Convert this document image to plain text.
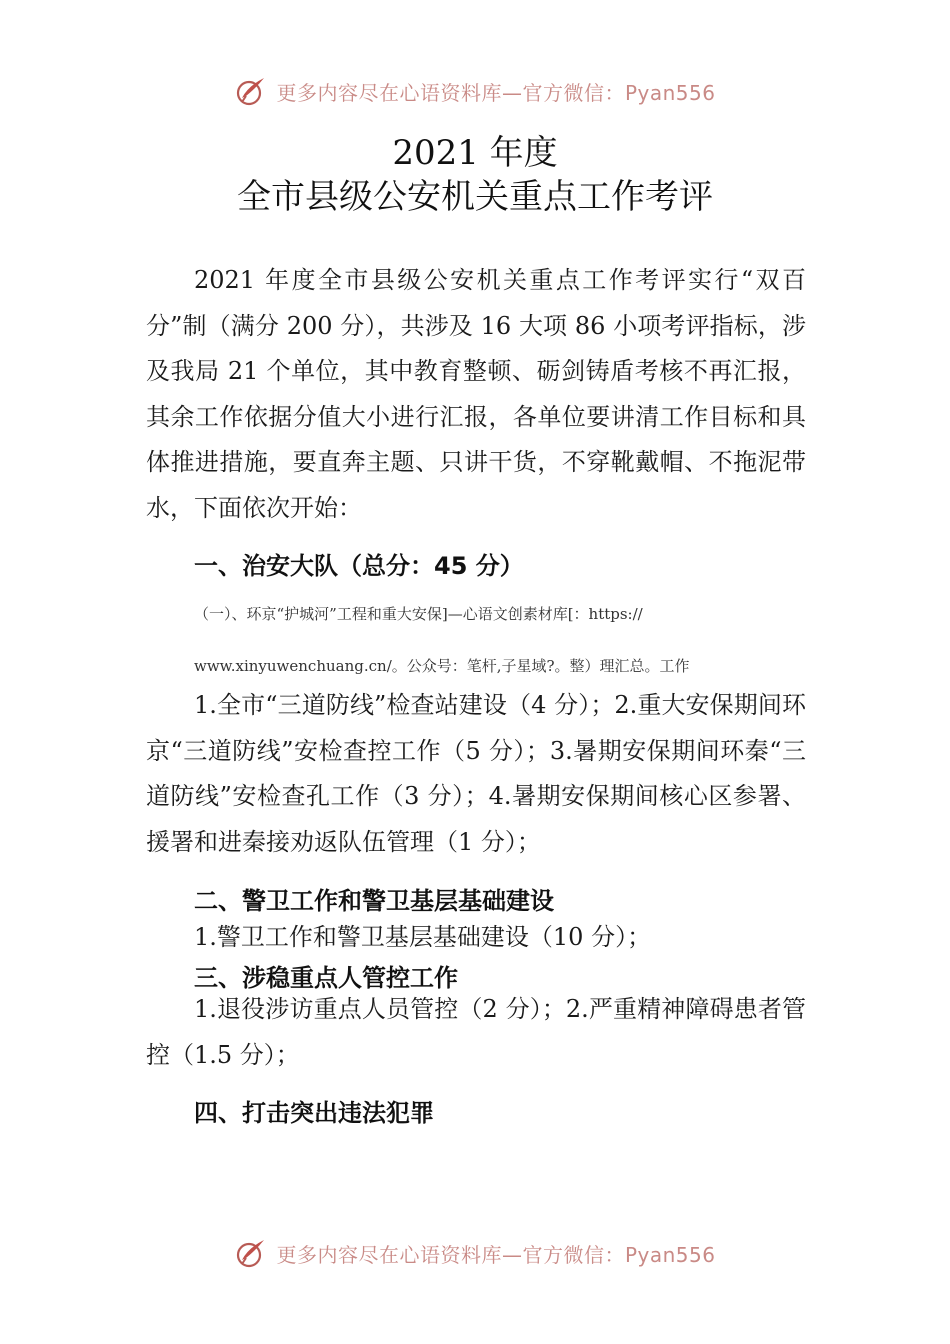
更多内容尽在心语资料库—官方微信：Pyan556
2021 年度
全市县级公安机关重点工作考评

2021 年度全市县级公安机关重点工作考评实行“双百分”制（满分 200 分），共涉及 16 大项 86 小项考评指标，涉及我局 21 个单位，其中教育整顿、砺剑铸盾考核不再汇报，其余工作依据分值大小进行汇报，各单位要讲清工作目标和具体推进措施，要直奔主题、只讲干货，不穿靴戴帽、不拖泥带水，下面依次开始：

一、治安大队（总分：45 分）
（一）、环京“护城河”工程和重大安保]—心语文创素材库[：https://
www.xinyuwenchuang.cn/。公众号：笔杆,子星域?。整）理汇总。工作

1.全市“三道防线”检查站建设（4 分）；2.重大安保期间环京“三道防线”安检查控工作（5 分）；3.暑期安保期间环秦“三道防线”安检查孔工作（3 分）；4.暑期安保期间核心区参署、援署和进秦接劝返队伍管理（1 分）；

二、警卫工作和警卫基层基础建设

1.警卫工作和警卫基层基础建设（10 分）；

三、涉稳重点人管控工作

1.退役涉访重点人员管控（2 分）；2.严重精神障碍患者管控（1.5 分）；

四、打击突出违法犯罪
更多内容尽在心语资料库—官方微信：Pyan556
